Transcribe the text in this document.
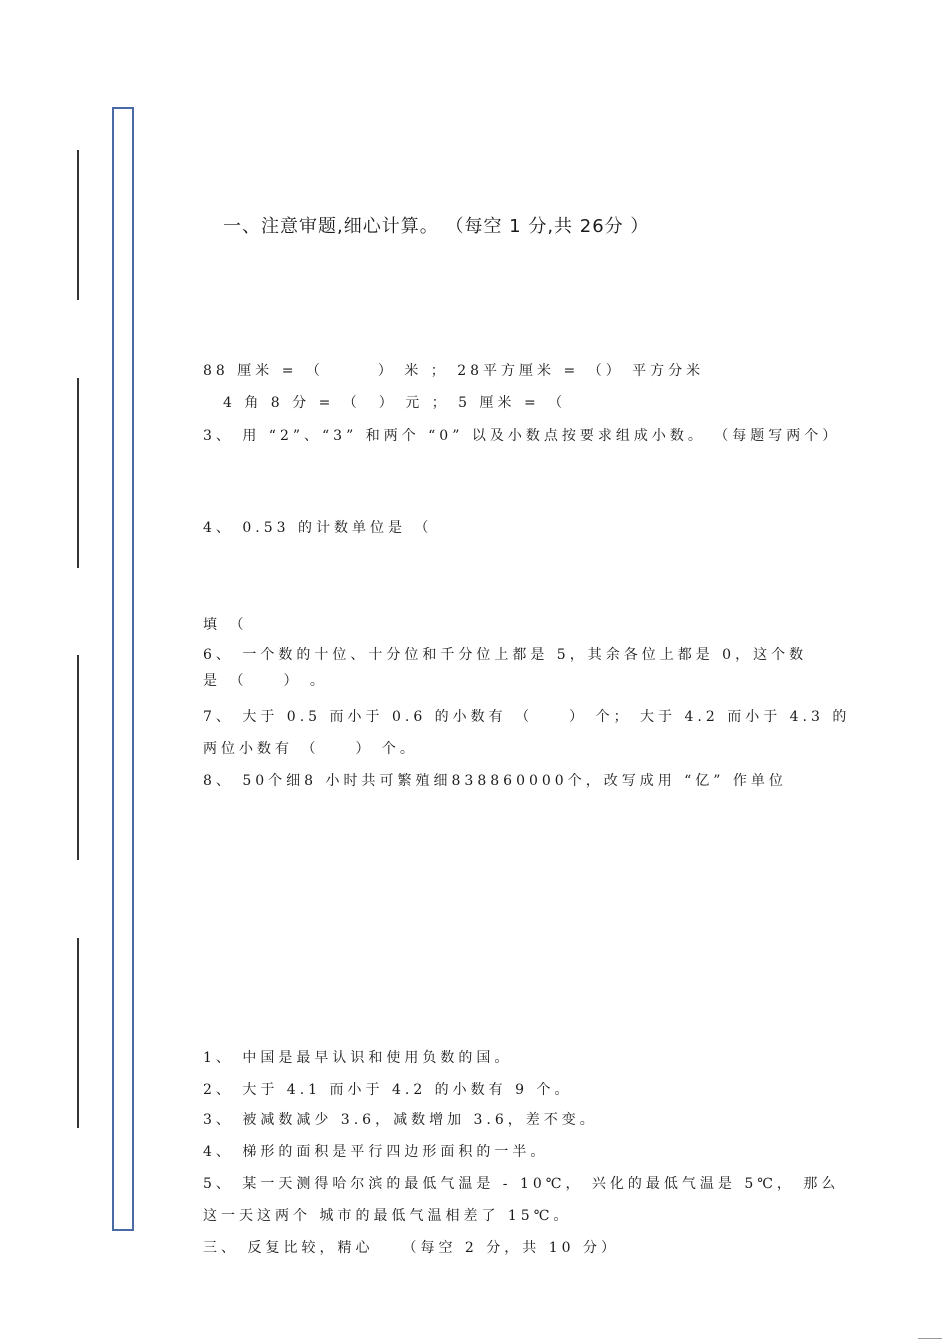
一、注意审题,细心计算。 （每空 1 分,共 26分 ）
88 厘米 = （　　　） 米 ； 28平方厘米 = （） 平方分米
4 角 8 分 = （　） 元 ； 5 厘米 = （
3、 用 “2”、“3” 和两个 “0” 以及小数点按要求组成小数。 （每题写两个）
4、 0.53 的计数单位是 （
填 （
6、 一个数的十位、十分位和千分位上都是 5，其余各位上都是 0，这个数
是 （　　） 。
7、 大于 0.5 而小于 0.6 的小数有 （　　） 个； 大于 4.2 而小于 4.3 的
两位小数有 （　　） 个。
8、 50个细8 小时共可繁殖细838860000个，改写成用 “亿” 作单位
1、 中国是最早认识和使用负数的国。
2、 大于 4.1 而小于 4.2 的小数有 9 个。
3、 被减数减少 3.6，减数增加 3.6，差不变。
4、 梯形的面积是平行四边形面积的一半。
5、 某一天测得哈尔滨的最低气温是 - 10℃， 兴化的最低气温是 5℃， 那么
这一天这两个 城市的最低气温相差了 15℃。
三、 反复比较，精心　　（每空 2 分，共 10 分）
